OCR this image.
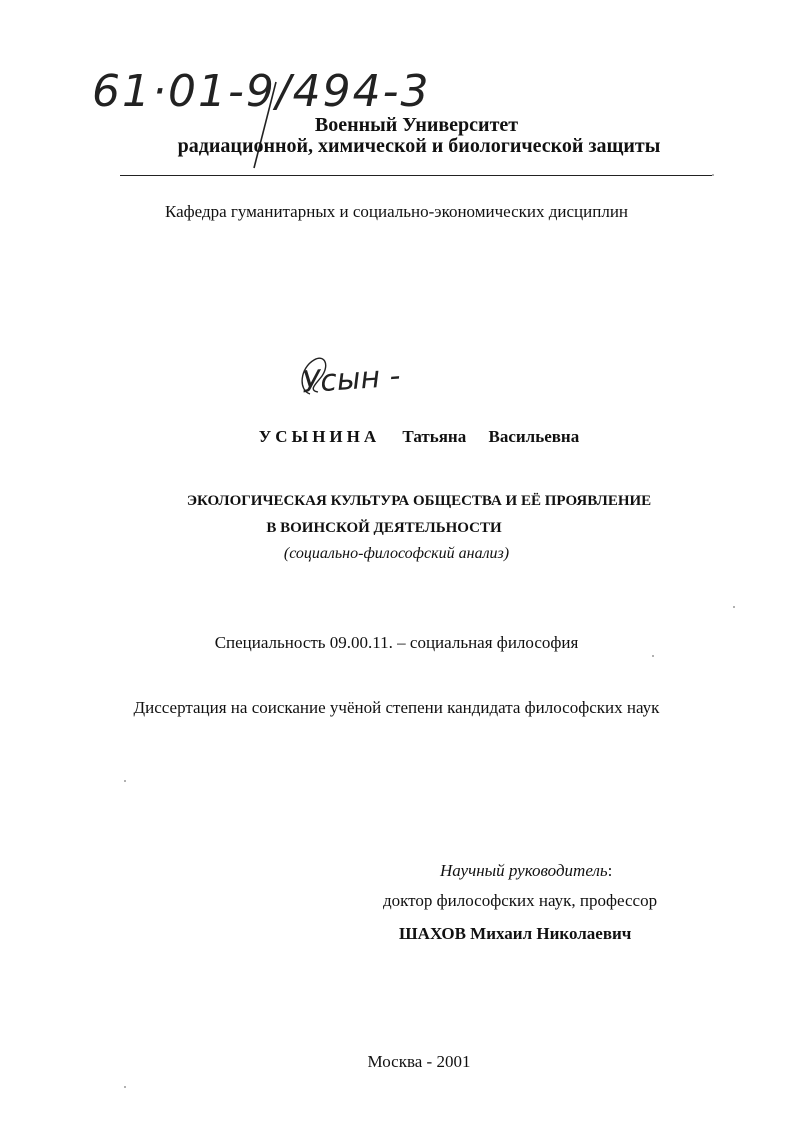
61·01-9/494-3
Военный Университет
радиационной, химической и биологической защиты
Кафедра гуманитарных и социально-экономических дисциплин
Усын -
УСЫНИНА Татьяна Васильевна
ЭКОЛОГИЧЕСКАЯ КУЛЬТУРА ОБЩЕСТВА И ЕЁ ПРОЯВЛЕНИЕ
В ВОИНСКОЙ ДЕЯТЕЛЬНОСТИ
(социально-философский анализ)
Специальность 09.00.11. – социальная философия
Диссертация на соискание учёной степени кандидата философских наук
Научный руководитель:
доктор философских наук, профессор
ШАХОВ Михаил Николаевич
Москва - 2001
